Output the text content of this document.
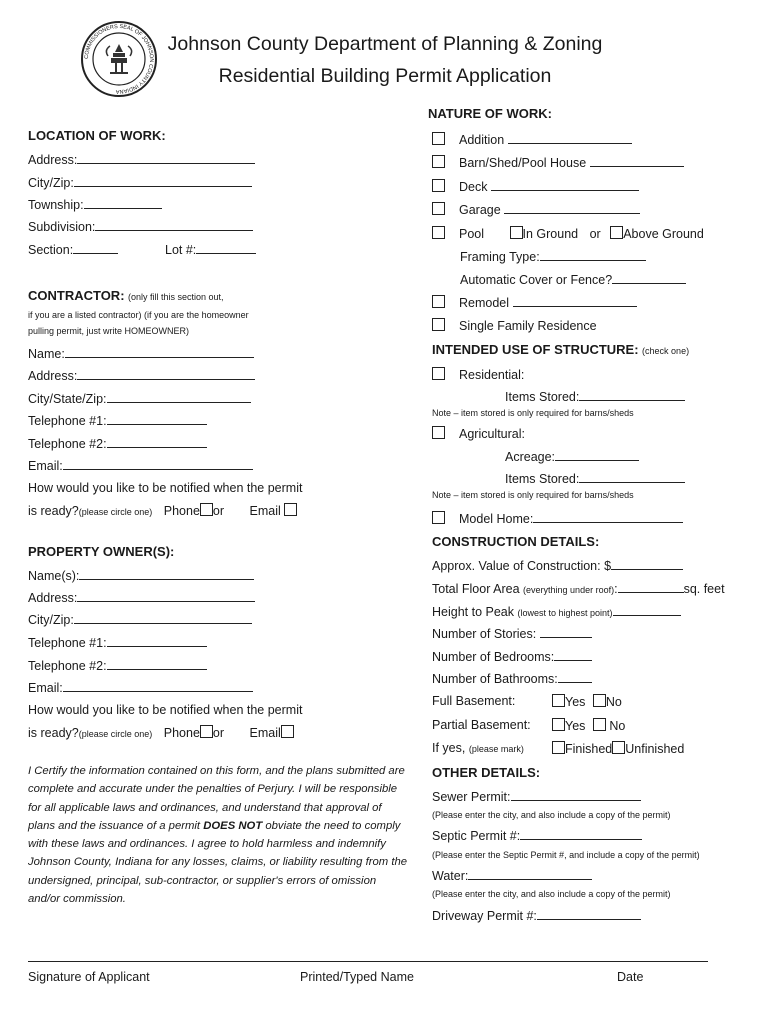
COMMISSIONERS SEAL OF JOHNSON COUNTY INDIANA
Johnson County Department of Planning & Zoning
Residential Building Permit Application
LOCATION OF WORK:
Address:
City/Zip:
Township:
Subdivision:
Section:	Lot #:
CONTRACTOR: (only fill this section out,
if you are a listed contractor) (if you are the homeowner
pulling permit, just write HOMEOWNER)
Name:
Address:
City/State/Zip:
Telephone #1:
Telephone #2:
Email:
How would you like to be notified when the permit
is ready?(please circle one) Phone or Email
PROPERTY OWNER(S):
Name(s):
Address:
City/Zip:
Telephone #1:
Telephone #2:
Email:
How would you like to be notified when the permit
is ready?(please circle one) Phone or Email
I Certify the information contained on this form, and the plans submitted are complete and accurate under the penalties of Perjury. I will be responsible for all applicable laws and ordinances, and understand that approval of plans and the issuance of a permit DOES NOT obviate the need to comply with these laws and ordinances. I agree to hold harmless and indemnify Johnson County, Indiana for any losses, claims, or liability resulting from the undersigned, principal, sub-contractor, or supplier's errors of omission and/or commission.
NATURE OF WORK:
Addition
Barn/Shed/Pool House
Deck
Garage
Pool	In Ground or Above Ground
Framing Type:
Automatic Cover or Fence?
Remodel
Single Family Residence
INTENDED USE OF STRUCTURE: (check one)
Residential:
Items Stored:
Note – item stored is only required for barns/sheds
Agricultural:
Acreage:
Items Stored:
Note – item stored is only required for barns/sheds
Model Home:
CONSTRUCTION DETAILS:
Approx. Value of Construction: $
Total Floor Area (everything under roof):	sq. feet
Height to Peak (lowest to highest point)
Number of Stories:
Number of Bedrooms:
Number of Bathrooms:
Full Basement:	Yes No
Partial Basement:	Yes No
If yes, (please mark)	Finished Unfinished
OTHER DETAILS:
Sewer Permit:
(Please enter the city, and also include a copy of the permit)
Septic Permit #:
(Please enter the Septic Permit #, and include a copy of the permit)
Water:
(Please enter the city, and also include a copy of the permit)
Driveway Permit #:
Signature of Applicant	Printed/Typed Name	Date
